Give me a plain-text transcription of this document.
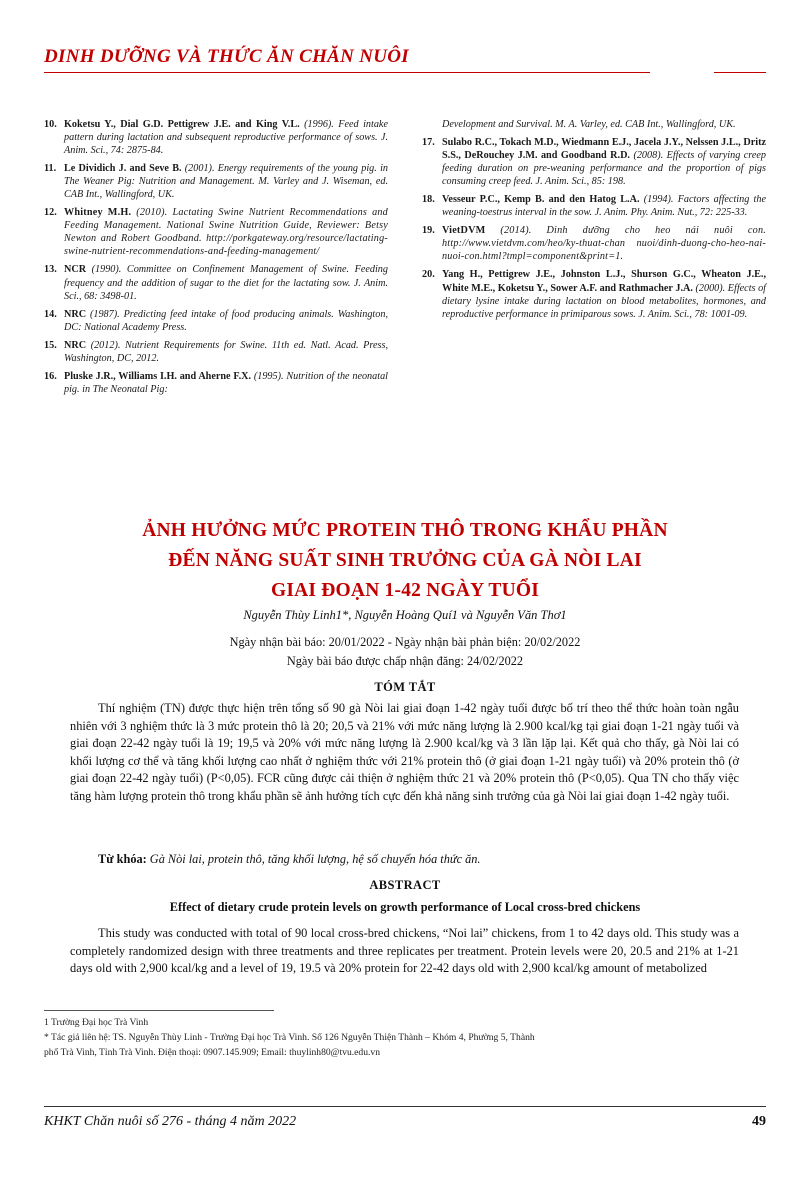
DINH DƯỠNG VÀ THỨC ĂN CHĂN NUÔI
10. Koketsu Y., Dial G.D. Pettigrew J.E. and King V.L. (1996). Feed intake pattern during lactation and subsequent reproductive performance of sows. J. Anim. Sci., 74: 2875-84.
11. Le Dividich J. and Seve B. (2001). Energy requirements of the young pig. in The Weaner Pig: Nutrition and Management. M. Varley and J. Wiseman, ed. CAB Int., Wallingford, UK.
12. Whitney M.H. (2010). Lactating Swine Nutrient Recommendations and Feeding Management. National Swine Nutrition Guide, Reviewer: Betsy Newton and Robert Goodband. http://porkgateway.org/resource/lactating-swine-nutrient-recommendations-and-feeding-management/
13. NCR (1990). Committee on Confinement Management of Swine. Feeding frequency and the addition of sugar to the diet for the lactating sow. J. Anim. Sci., 68: 3498-01.
14. NRC (1987). Predicting feed intake of food producing animals. Washington, DC: National Academy Press.
15. NRC (2012). Nutrient Requirements for Swine. 11th ed. Natl. Acad. Press, Washington, DC, 2012.
16. Pluske J.R., Williams I.H. and Aherne F.X. (1995). Nutrition of the neonatal pig. in The Neonatal Pig:
Development and Survival. M. A. Varley, ed. CAB Int., Wallingford, UK.
17. Sulabo R.C., Tokach M.D., Wiedmann E.J., Jacela J.Y., Nelssen J.L., Dritz S.S., DeRouchey J.M. and Goodband R.D. (2008). Effects of varying creep feeding duration on pre-weaning performance and the proportion of pigs consuming creep feed. J. Anim. Sci., 85: 198.
18. Vesseur P.C., Kemp B. and den Hatog L.A. (1994). Factors affecting the weaning-toestrus interval in the sow. J. Anim. Phy. Anim. Nut., 72: 225-33.
19. VietDVM (2014). Dinh dưỡng cho heo nái nuôi con. http://www.vietdvm.com/heo/ky-thuat-chan nuoi/dinh-duong-cho-heo-nai-nuoi-con.html?tmpl=component&print=1.
20. Yang H., Pettigrew J.E., Johnston L.J., Shurson G.C., Wheaton J.E., White M.E., Koketsu Y., Sower A.F. and Rathmacher J.A. (2000). Effects of dietary lysine intake during lactation on blood metabolites, hormones, and reproductive performance in primiparous sows. J. Anim. Sci., 78: 1001-09.
ẢNH HƯỞNG MỨC PROTEIN THÔ TRONG KHẨU PHẦN
ĐẾN NĂNG SUẤT SINH TRƯỞNG CỦA GÀ NÒI LAI
GIAI ĐOẠN 1-42 NGÀY TUỔI
Nguyễn Thùy Linh1*, Nguyễn Hoàng Quí1 và Nguyễn Văn Thơ1
Ngày nhận bài báo: 20/01/2022 - Ngày nhận bài phản biện: 20/02/2022
Ngày bài báo được chấp nhận đăng: 24/02/2022
TÓM TẮT

Thí nghiệm (TN) được thực hiện trên tổng số 90 gà Nòi lai giai đoạn 1-42 ngày tuổi được bố trí theo thể thức hoàn toàn ngẫu nhiên với 3 nghiệm thức là 3 mức protein thô là 20; 20,5 và 21% với mức năng lượng là 2.900 kcal/kg tại giai đoạn 1-21 ngày tuổi và giai đoạn 22-42 ngày tuổi là 19; 19,5 và 20% với mức năng lượng là 2.900 kcal/kg và 3 lần lặp lại. Kết quả cho thấy, gà Nòi lai có khối lượng cơ thể và tăng khối lượng cao nhất ở nghiệm thức với 21% protein thô (ở giai đoạn 1-21 ngày tuổi) và 20% protein thô (ở giai đoạn 22-42 ngày tuổi) (P<0,05). FCR cũng được cải thiện ở nghiệm thức 21 và 20% protein thô (P<0,05). Qua TN cho thấy việc tăng hàm lượng protein thô trong khẩu phần sẽ ảnh hưởng tích cực đến khả năng sinh trưởng của gà Nòi lai giai đoạn 1-42 ngày tuổi.

Từ khóa: Gà Nòi lai, protein thô, tăng khối lượng, hệ số chuyển hóa thức ăn.
ABSTRACT
Effect of dietary crude protein levels on growth performance of Local cross-bred chickens

This study was conducted with total of 90 local cross-bred chickens, “Noi lai” chickens, from 1 to 42 days old. This study was a completely randomized design with three treatments and three replicates per treatment. Protein levels were 20, 20.5 and 21% at 1-21 days old with 2,900 kcal/kg and a level of 19, 19.5 và 20% protein for 22-42 days old with 2,900 kcal/kg amount of metabolized

1 Trường Đại học Trà Vinh
* Tác giả liên hệ: TS. Nguyễn Thùy Linh - Trường Đại học Trà Vinh. Số 126 Nguyễn Thiện Thành – Khóm 4, Phường 5, Thành
phố Trà Vinh, Tỉnh Trà Vinh. Điện thoại: 0907.145.909; Email: thuylinh80@tvu.edu.vn
KHKT Chăn nuôi số 276 - tháng 4 năm 2022	49
